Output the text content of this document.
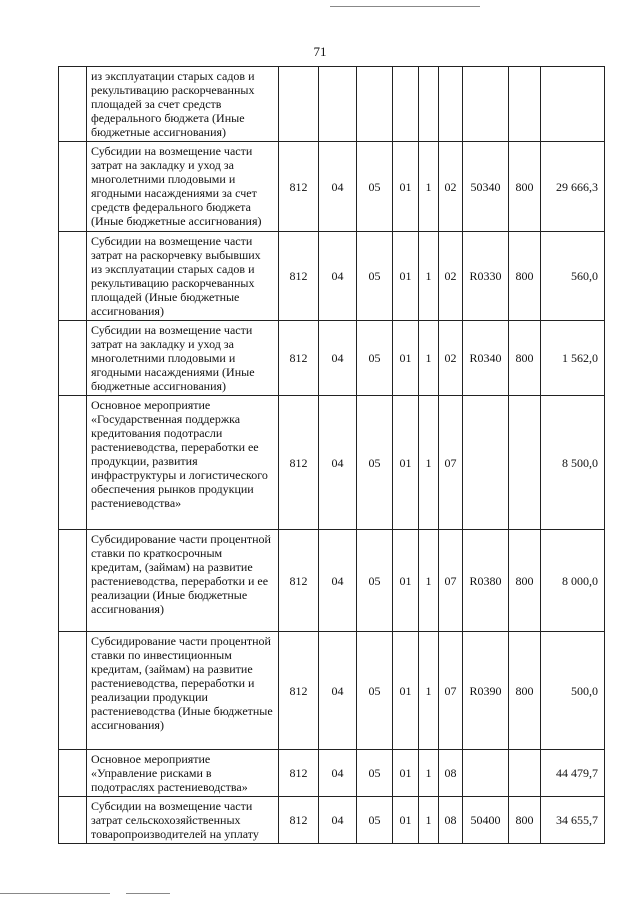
71
	из эксплуатации старых садов и рекультивацию раскорчеванных площадей за счет средств федерального бюджета (Иные бюджетные ассигнования)									
	Субсидии на возмещение части затрат на закладку и уход за многолетними плодовыми и ягодными насаждениями за счет средств федерального бюджета (Иные бюджетные ассигнования)	812	04	05	01	1	02	50340	800	29 666,3
	Субсидии на возмещение части затрат на раскорчевку выбывших из эксплуатации старых садов и рекультивацию раскорчеванных площадей (Иные бюджетные ассигнования)	812	04	05	01	1	02	R0330	800	560,0
	Субсидии на возмещение части затрат на закладку и уход за многолетними плодовыми и ягодными насаждениями (Иные бюджетные ассигнования)	812	04	05	01	1	02	R0340	800	1 562,0
	Основное мероприятие «Государственная поддержка кредитования подотрасли растениеводства, переработки ее продукции, развития инфраструктуры и логистического обеспечения рынков продукции растениеводства»	812	04	05	01	1	07			8 500,0
	Субсидирование части процентной ставки по краткосрочным кредитам, (займам) на развитие растениеводства, переработки и ее реализации (Иные бюджетные ассигнования)	812	04	05	01	1	07	R0380	800	8 000,0
	Субсидирование части процентной ставки по инвестиционным кредитам, (займам) на развитие растениеводства, переработки и реализации продукции растениеводства (Иные бюджетные ассигнования)	812	04	05	01	1	07	R0390	800	500,0
	Основное мероприятие «Управление рисками в подотраслях растениеводства»	812	04	05	01	1	08			44 479,7
	Субсидии на возмещение части затрат сельскохозяйственных товаропроизводителей на уплату	812	04	05	01	1	08	50400	800	34 655,7
